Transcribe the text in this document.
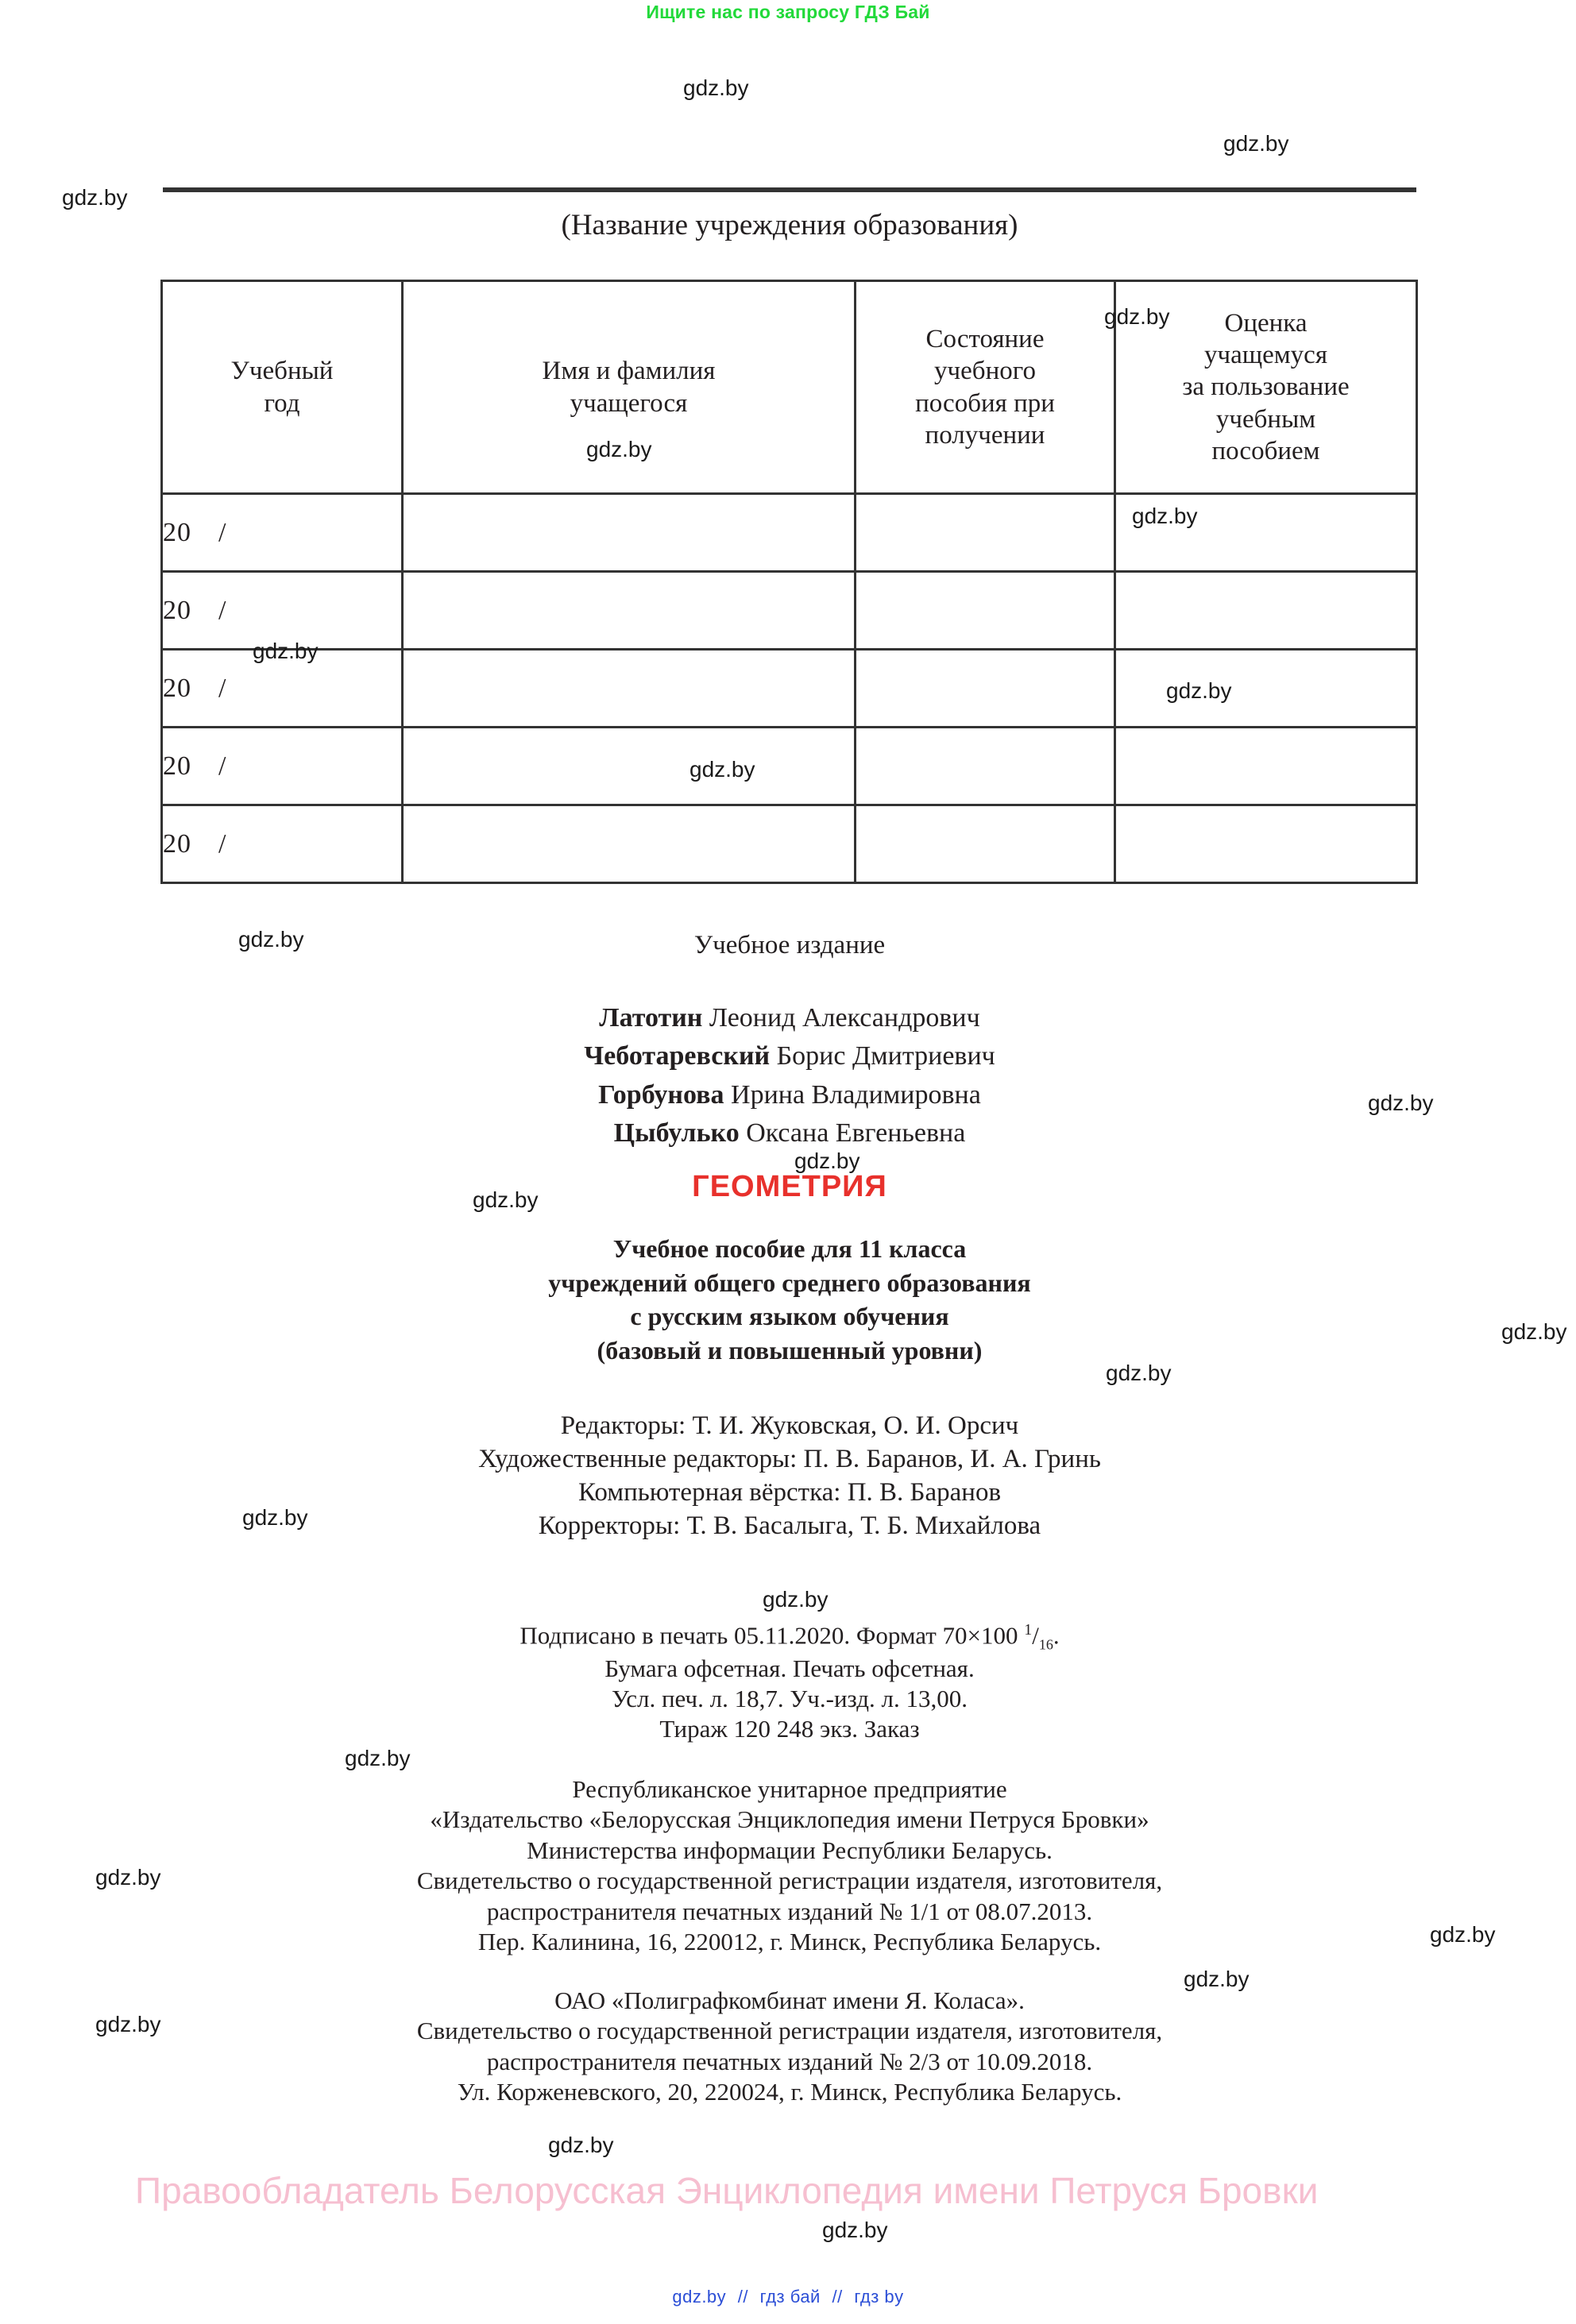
Ищите нас по запросу ГДЗ Бай
(Название учреждения образования)
Учебный
год	Имя и фамилия
учащегося	Состояние
учебного
пособия при
получении	Оценка
учащемуся
за пользование
учебным
пособием

20 /			
20 /			
20 /			
20 /			
20 /			
Учебное издание
Латотин Леонид Александрович
Чеботаревский Борис Дмитриевич
Горбунова Ирина Владимировна
Цыбулько Оксана Евгеньевна
ГЕОМЕТРИЯ
Учебное пособие для 11 класса
учреждений общего среднего образования
с русским языком обучения
(базовый и повышенный уровни)
Редакторы: Т. И. Жуковская, О. И. Орсич
Художественные редакторы: П. В. Баранов, И. А. Гринь
Компьютерная вёрстка: П. В. Баранов
Корректоры: Т. В. Басалыга, Т. Б. Михайлова
Подписано в печать 05.11.2020. Формат 70×100 $^1/_{16}$.
Бумага офсетная. Печать офсетная.
Усл. печ. л. 18,7. Уч.-изд. л. 13,00.
Тираж 120 248 экз. Заказ
Республиканское унитарное предприятие
«Издательство «Белорусская Энциклопедия имени Петруся Бровки»
Министерства информации Республики Беларусь.
Свидетельство о государственной регистрации издателя, изготовителя,
распространителя печатных изданий № 1/1 от 08.07.2013.
Пер. Калинина, 16, 220012, г. Минск, Республика Беларусь.
ОАО «Полиграфкомбинат имени Я. Коласа».
Свидетельство о государственной регистрации издателя, изготовителя,
распространителя печатных изданий № 2/3 от 10.09.2018.
Ул. Корженевского, 20, 220024, г. Минск, Республика Беларусь.
Правообладатель Белорусская Энциклопедия имени Петруся Бровки
gdz.by // гдз бай // гдз by
gdz.by
gdz.by
gdz.by
gdz.by
gdz.by
gdz.by
gdz.by
gdz.by
gdz.by
gdz.by
gdz.by
gdz.by
gdz.by
gdz.by
gdz.by
gdz.by
gdz.by
gdz.by
gdz.by
gdz.by
gdz.by
gdz.by
gdz.by
gdz.by
